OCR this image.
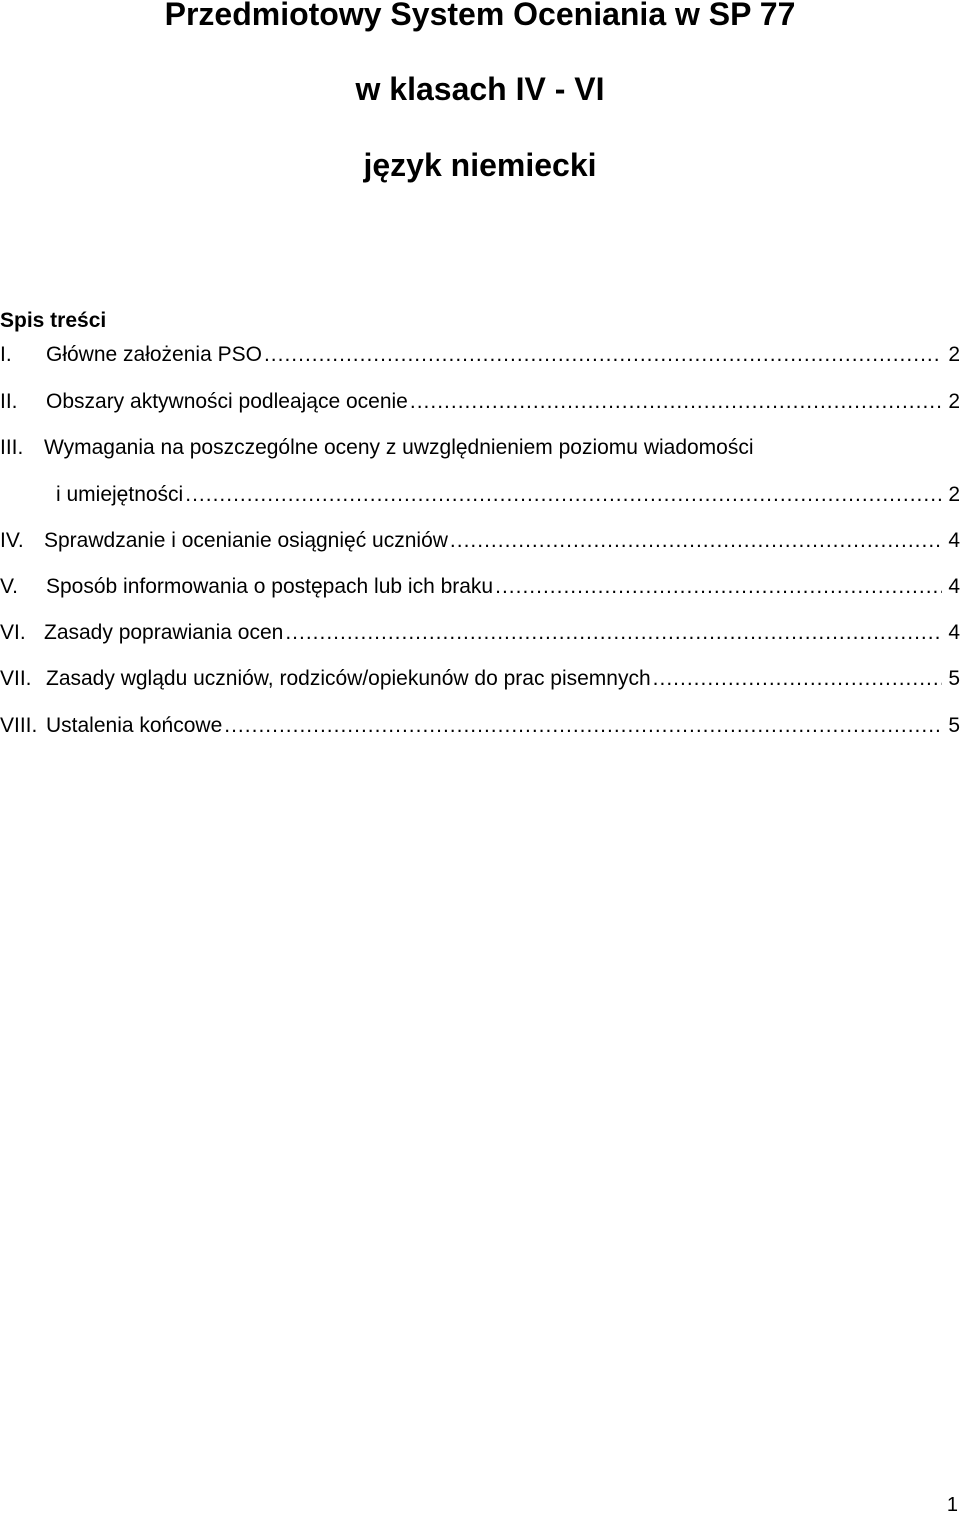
Przedmiotowy System Oceniania w SP 77
w klasach IV - VI
język niemiecki
Spis treści
I. Główne założenia PSO .....	2
II. Obszary aktywności podleające ocenie .....	2
III. Wymagania na poszczególne oceny z uwzględnieniem poziomu wiadomości
i umiejętności .....	2
IV. Sprawdzanie i ocenianie osiągnięć uczniów .....	4
V. Sposób informowania o postępach lub ich braku .....	4
VI. Zasady poprawiania ocen .....	4
VII. Zasady wglądu uczniów, rodziców/opiekunów do prac pisemnych .....	5
VIII. Ustalenia końcowe .....	5
1
